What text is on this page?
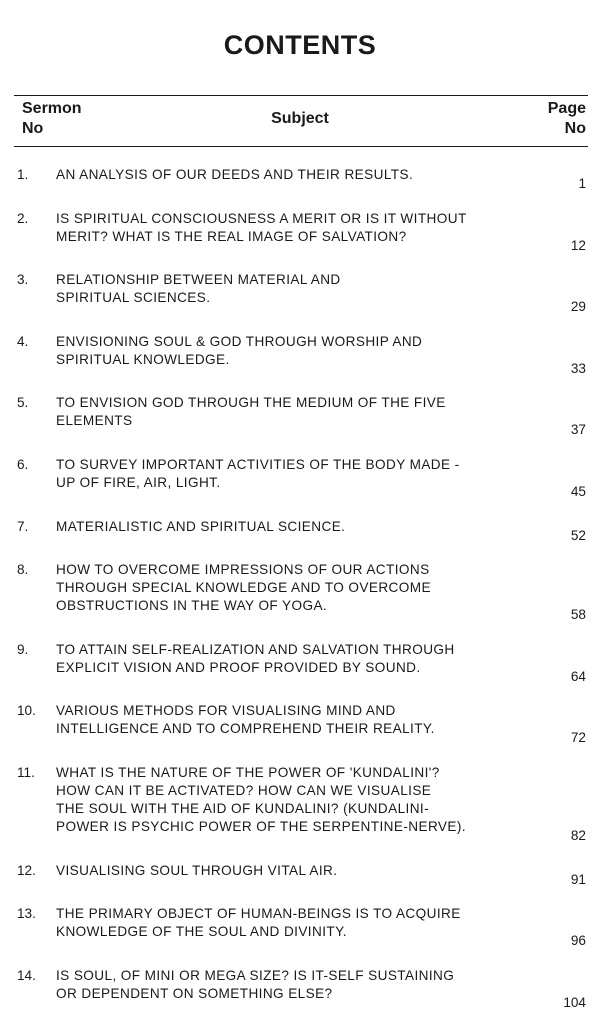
CONTENTS
Sermon
No
Subject
Page
No
1. AN ANALYSIS OF OUR DEEDS AND THEIR RESULTS.
1
2. IS SPIRITUAL CONSCIOUSNESS A MERIT OR IS IT WITHOUT
MERIT? WHAT IS THE REAL IMAGE OF SALVATION?
12
3. RELATIONSHIP BETWEEN MATERIAL AND
SPIRITUAL SCIENCES.
29
4. ENVISIONING SOUL & GOD THROUGH WORSHIP AND
SPIRITUAL KNOWLEDGE.
33
5. TO ENVISION GOD THROUGH THE MEDIUM OF THE FIVE
ELEMENTS
37
6. TO SURVEY IMPORTANT ACTIVITIES OF THE BODY MADE -
UP OF FIRE, AIR, LIGHT.
45
7. MATERIALISTIC AND SPIRITUAL SCIENCE.
52
8. HOW TO OVERCOME IMPRESSIONS OF OUR ACTIONS
THROUGH SPECIAL KNOWLEDGE AND TO OVERCOME
OBSTRUCTIONS IN THE WAY OF YOGA.
58
9. TO ATTAIN SELF-REALIZATION AND SALVATION THROUGH
EXPLICIT VISION AND PROOF PROVIDED BY SOUND.
64
10. VARIOUS METHODS FOR VISUALISING MIND AND
INTELLIGENCE AND TO COMPREHEND THEIR REALITY.
72
11. WHAT IS THE NATURE OF THE POWER OF 'KUNDALINI'?
HOW CAN IT BE ACTIVATED? HOW CAN WE VISUALISE
THE SOUL WITH THE AID OF KUNDALINI? (KUNDALINI-
POWER IS PSYCHIC POWER OF THE SERPENTINE-NERVE).
82
12. VISUALISING SOUL THROUGH VITAL AIR.
91
13. THE PRIMARY OBJECT OF HUMAN-BEINGS IS TO ACQUIRE
KNOWLEDGE OF THE SOUL AND DIVINITY.
96
14. IS SOUL, OF MINI OR MEGA SIZE? IS IT-SELF SUSTAINING
OR DEPENDENT ON SOMETHING ELSE?
104
